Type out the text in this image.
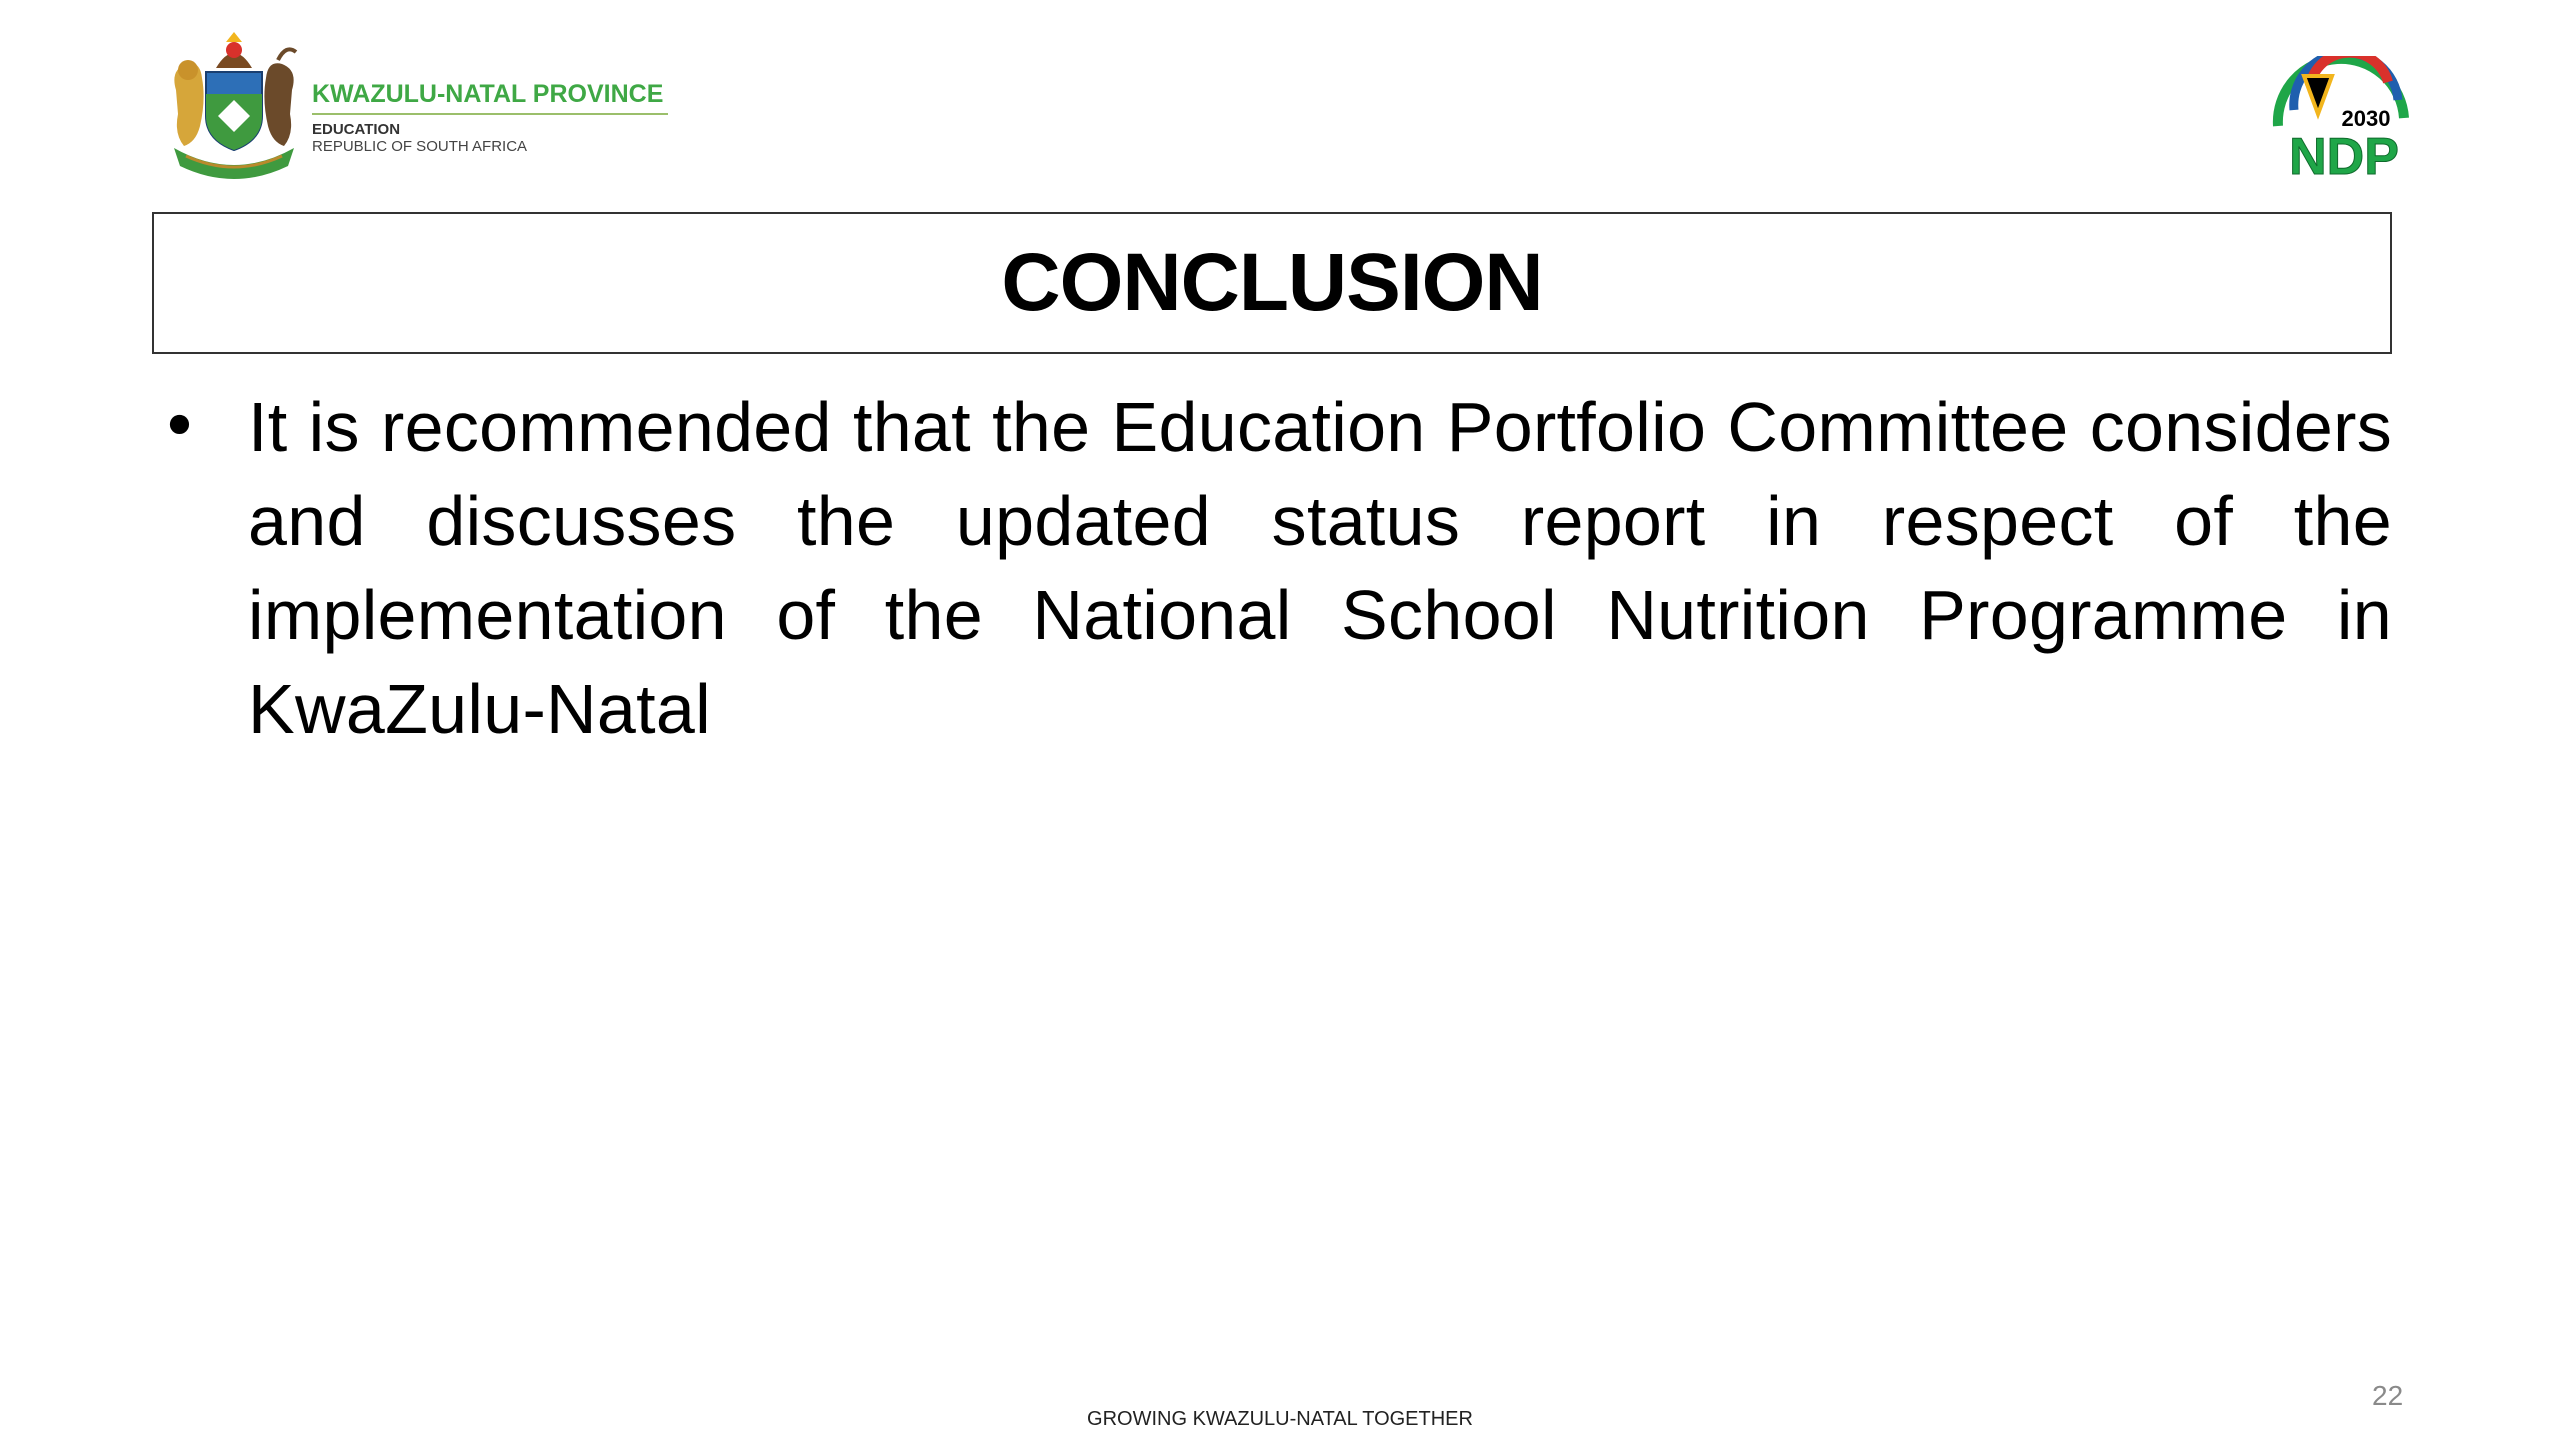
KWAZULU-NATAL PROVINCE
EDUCATION
REPUBLIC OF SOUTH AFRICA
2030
NDP
CONCLUSION
• It is recommended that the Education Portfolio Committee considers and discusses the updated status report in respect of the implementation of the National School Nutrition Programme in KwaZulu-Natal

22
GROWING KWAZULU-NATAL TOGETHER
